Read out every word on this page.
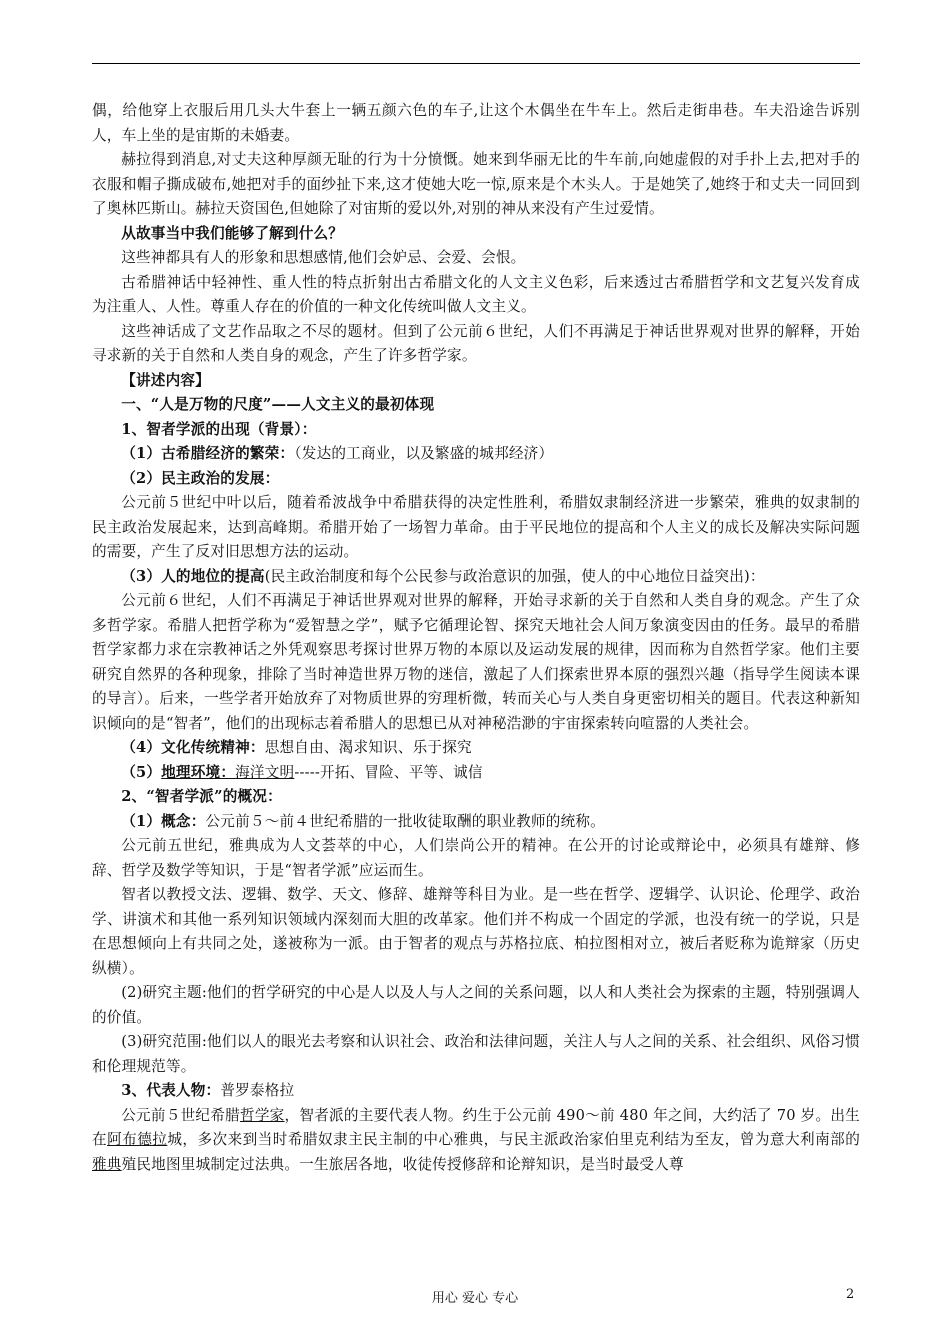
偶，给他穿上衣服后用几头大牛套上一辆五颜六色的车子,让这个木偶坐在牛车上。然后走街串巷。车夫沿途告诉别人，车上坐的是宙斯的未婚妻。

赫拉得到消息,对丈夫这种厚颜无耻的行为十分愤慨。她来到华丽无比的牛车前,向她虚假的对手扑上去,把对手的衣服和帽子撕成破布,她把对手的面纱扯下来,这才使她大吃一惊,原来是个木头人。于是她笑了,她终于和丈夫一同回到了奥林匹斯山。赫拉天资国色,但她除了对宙斯的爱以外,对别的神从来没有产生过爱情。

从故事当中我们能够了解到什么？

这些神都具有人的形象和思想感情,他们会妒忌、会爱、会恨。

古希腊神话中轻神性、重人性的特点折射出古希腊文化的人文主义色彩，后来透过古希腊哲学和文艺复兴发育成为注重人、人性。尊重人存在的价值的一种文化传统叫做人文主义。

这些神话成了文艺作品取之不尽的题材。但到了公元前６世纪，人们不再满足于神话世界观对世界的解释，开始寻求新的关于自然和人类自身的观念，产生了许多哲学家。

【讲述内容】

一、“人是万物的尺度”——人文主义的最初体现

1、智者学派的出现（背景）：

（1）古希腊经济的繁荣：（发达的工商业，以及繁盛的城邦经济）

（2）民主政治的发展：

公元前５世纪中叶以后，随着希波战争中希腊获得的决定性胜利，希腊奴隶制经济进一步繁荣，雅典的奴隶制的民主政治发展起来，达到高峰期。希腊开始了一场智力革命。由于平民地位的提高和个人主义的成长及解决实际问题的需要，产生了反对旧思想方法的运动。

（3）人的地位的提高(民主政治制度和每个公民参与政治意识的加强，使人的中心地位日益突出)：

公元前６世纪，人们不再满足于神话世界观对世界的解释，开始寻求新的关于自然和人类自身的观念。产生了众多哲学家。希腊人把哲学称为“爱智慧之学”，赋予它循理论智、探究天地社会人间万象演变因由的任务。最早的希腊哲学家都力求在宗教神话之外凭观察思考探讨世界万物的本原以及运动发展的规律，因而称为自然哲学家。他们主要研究自然界的各种现象，排除了当时神造世界万物的迷信，激起了人们探索世界本原的强烈兴趣（指导学生阅读本课的导言）。后来，一些学者开始放弃了对物质世界的穷理析微，转而关心与人类自身更密切相关的题目。代表这种新知识倾向的是“智者”，他们的出现标志着希腊人的思想已从对神秘浩渺的宇宙探索转向喧嚣的人类社会。

（4）文化传统精神：思想自由、渴求知识、乐于探究

（5）地理环境：海洋文明-----开拓、冒险、平等、诚信

2、“智者学派”的概况：

（1）概念：公元前５～前４世纪希腊的一批收徒取酬的职业教师的统称。

公元前五世纪，雅典成为人文荟萃的中心，人们崇尚公开的精神。在公开的讨论或辩论中，必须具有雄辩、修辞、哲学及数学等知识，于是“智者学派”应运而生。

智者以教授文法、逻辑、数学、天文、修辞、雄辩等科目为业。是一些在哲学、逻辑学、认识论、伦理学、政治学、讲演术和其他一系列知识领域内深刻而大胆的改革家。他们并不构成一个固定的学派，也没有统一的学说，只是在思想倾向上有共同之处，遂被称为一派。由于智者的观点与苏格拉底、柏拉图相对立，被后者贬称为诡辩家（历史纵横）。

(2)研究主题:他们的哲学研究的中心是人以及人与人之间的关系问题，以人和人类社会为探索的主题，特别强调人的价值。

(3)研究范围:他们以人的眼光去考察和认识社会、政治和法律问题，关注人与人之间的关系、社会组织、风俗习惯和伦理规范等。

3、代表人物：普罗泰格拉

公元前５世纪希腊哲学家，智者派的主要代表人物。约生于公元前 490～前 480 年之间，大约活了 70 岁。出生在阿布德拉城，多次来到当时希腊奴隶主民主制的中心雅典，与民主派政治家伯里克利结为至友，曾为意大利南部的雅典殖民地图里城制定过法典。一生旅居各地，收徒传授修辞和论辩知识，是当时最受人尊

用心 爱心 专心	2
